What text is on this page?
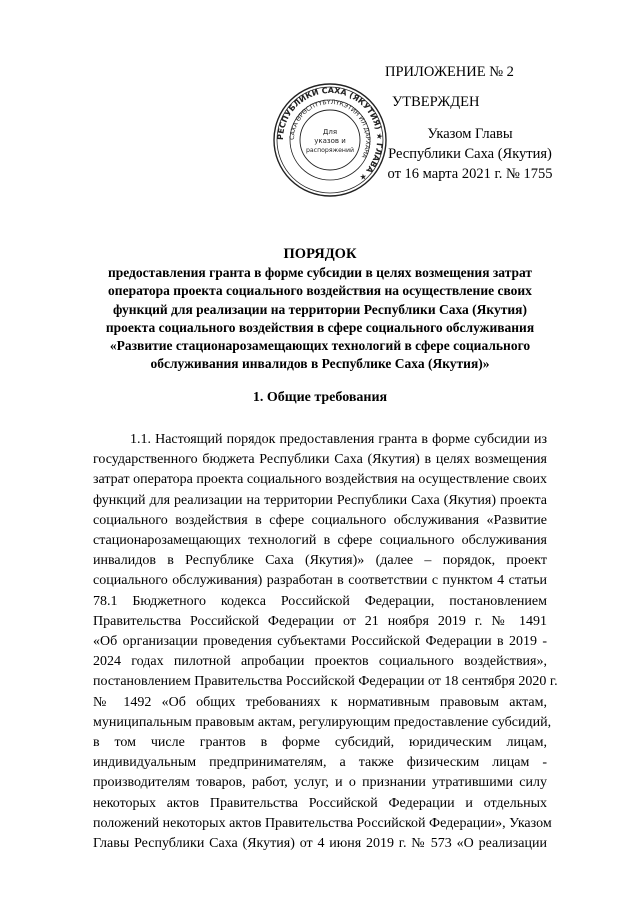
ПРИЛОЖЕНИЕ № 2
УТВЕРЖДЕН
Указом Главы
Республики Саха (Якутия)
от 16 марта 2021 г. № 1755
РЕСПУБЛИКИ САХА (ЯКУТИЯ) ★ ГЛАВА ★
САХА ӨРӨСПҮҮБҮЛҮКЭТИН ИЛ ДАРХАНА
Для
указов и
распоряжений
ПОРЯДОК
предоставления гранта в форме субсидии в целях возмещения затрат
оператора проекта социального воздействия на осуществление своих
функций для реализации на территории Республики Саха (Якутия)
проекта социального воздействия в сфере социального обслуживания
«Развитие стационарозамещающих технологий в сфере социального
обслуживания инвалидов в Республике Саха (Якутия)»
1. Общие требования
1.1. Настоящий порядок предоставления гранта в форме субсидии из
государственного бюджета Республики Саха (Якутия) в целях возмещения
затрат оператора проекта социального воздействия на осуществление своих
функций для реализации на территории Республики Саха (Якутия) проекта
социального воздействия в сфере социального обслуживания «Развитие
стационарозамещающих технологий в сфере социального обслуживания
инвалидов в Республике Саха (Якутия)» (далее – порядок, проект
социального обслуживания) разработан в соответствии с пунктом 4 статьи
78.1 Бюджетного кодекса Российской Федерации, постановлением
Правительства Российской Федерации от 21 ноября 2019 г. № 1491
«Об организации проведения субъектами Российской Федерации в 2019 -
2024 годах пилотной апробации проектов социального воздействия»,
постановлением Правительства Российской Федерации от 18 сентября 2020 г.
№ 1492 «Об общих требованиях к нормативным правовым актам,
муниципальным правовым актам, регулирующим предоставление субсидий,
в том числе грантов в форме субсидий, юридическим лицам,
индивидуальным предпринимателям, а также физическим лицам -
производителям товаров, работ, услуг, и о признании утратившими силу
некоторых актов Правительства Российской Федерации и отдельных
положений некоторых актов Правительства Российской Федерации», Указом
Главы Республики Саха (Якутия) от 4 июня 2019 г. № 573 «О реализации
